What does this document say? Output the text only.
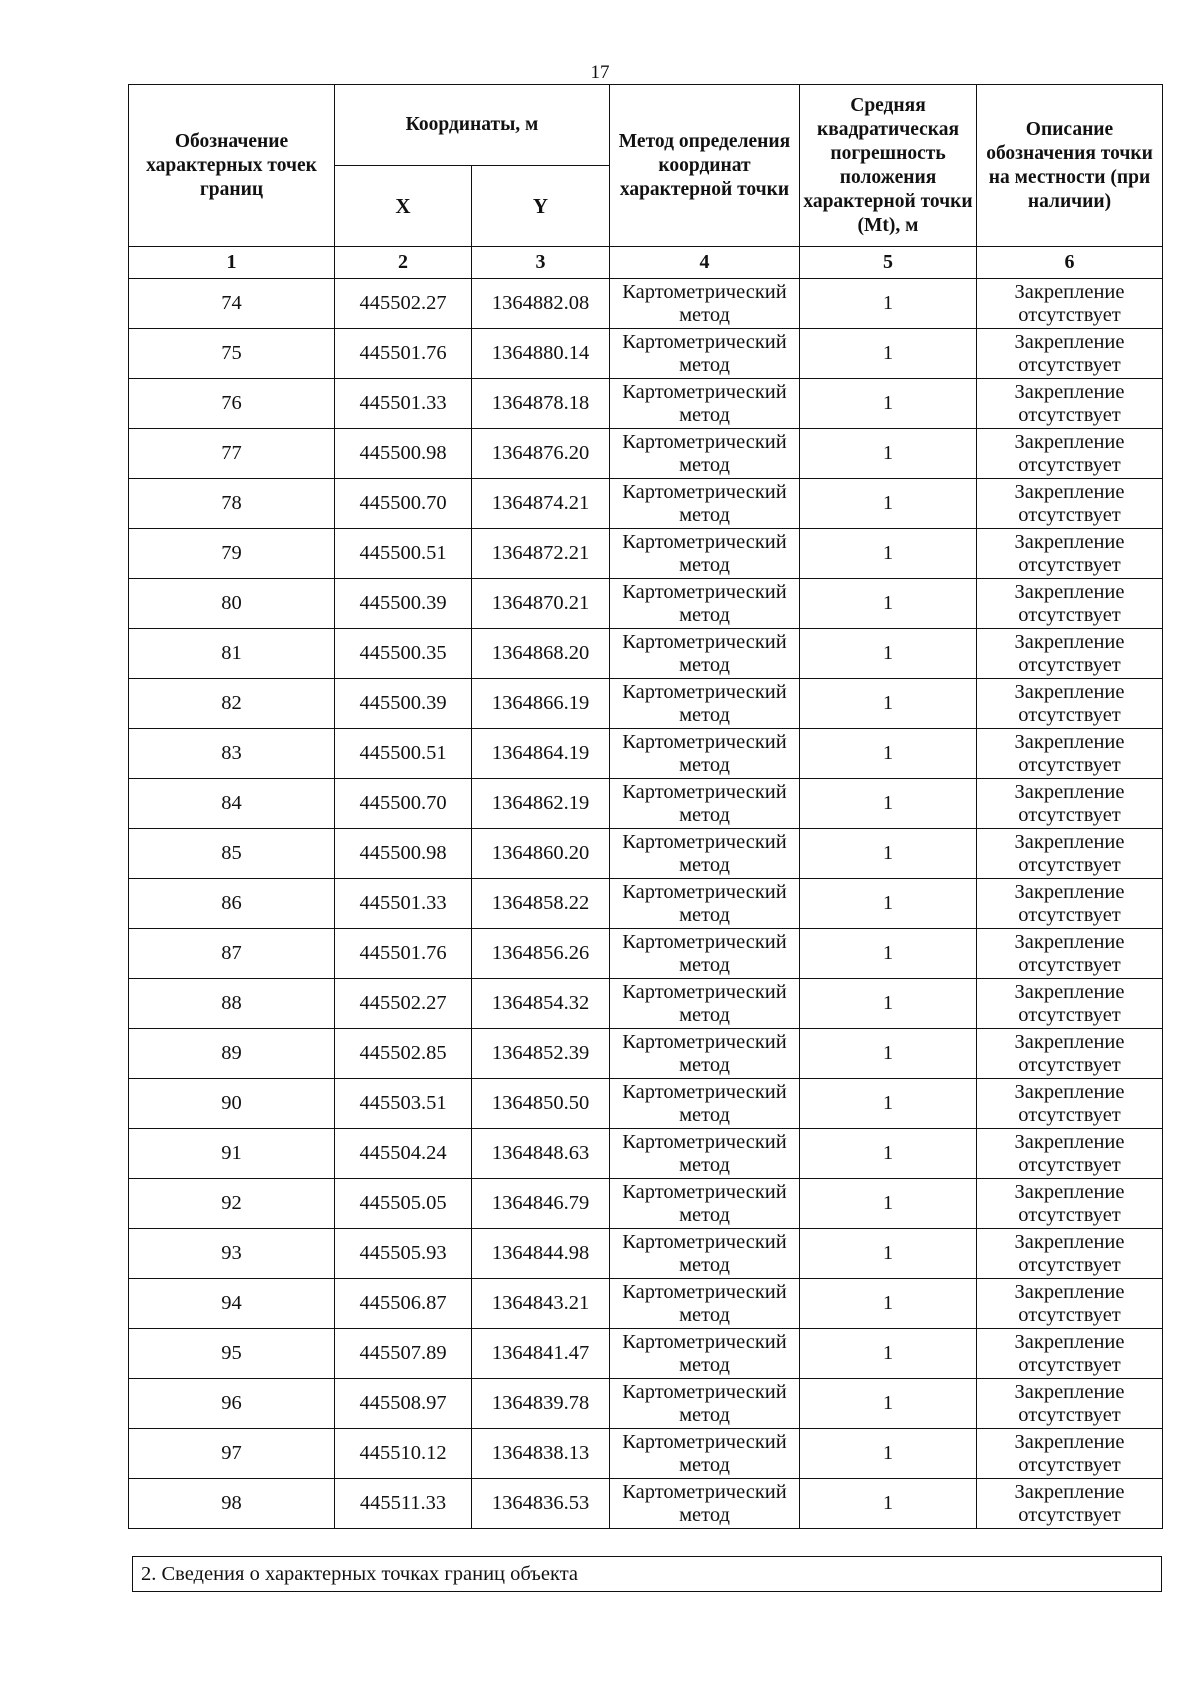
17
Обозначение характерных точек границ	Координаты, м		Метод определения координат характерной точки	Средняя квадратическая погрешность положения характерной точки (Mt), м	Описание обозначения точки на местности (при наличии)
	X	Y			
1	2	3	4	5	6
74	445502.27	1364882.08	Картометрический метод	1	Закрепление отсутствует
75	445501.76	1364880.14	Картометрический метод	1	Закрепление отсутствует
76	445501.33	1364878.18	Картометрический метод	1	Закрепление отсутствует
77	445500.98	1364876.20	Картометрический метод	1	Закрепление отсутствует
78	445500.70	1364874.21	Картометрический метод	1	Закрепление отсутствует
79	445500.51	1364872.21	Картометрический метод	1	Закрепление отсутствует
80	445500.39	1364870.21	Картометрический метод	1	Закрепление отсутствует
81	445500.35	1364868.20	Картометрический метод	1	Закрепление отсутствует
82	445500.39	1364866.19	Картометрический метод	1	Закрепление отсутствует
83	445500.51	1364864.19	Картометрический метод	1	Закрепление отсутствует
84	445500.70	1364862.19	Картометрический метод	1	Закрепление отсутствует
85	445500.98	1364860.20	Картометрический метод	1	Закрепление отсутствует
86	445501.33	1364858.22	Картометрический метод	1	Закрепление отсутствует
87	445501.76	1364856.26	Картометрический метод	1	Закрепление отсутствует
88	445502.27	1364854.32	Картометрический метод	1	Закрепление отсутствует
89	445502.85	1364852.39	Картометрический метод	1	Закрепление отсутствует
90	445503.51	1364850.50	Картометрический метод	1	Закрепление отсутствует
91	445504.24	1364848.63	Картометрический метод	1	Закрепление отсутствует
92	445505.05	1364846.79	Картометрический метод	1	Закрепление отсутствует
93	445505.93	1364844.98	Картометрический метод	1	Закрепление отсутствует
94	445506.87	1364843.21	Картометрический метод	1	Закрепление отсутствует
95	445507.89	1364841.47	Картометрический метод	1	Закрепление отсутствует
96	445508.97	1364839.78	Картометрический метод	1	Закрепление отсутствует
97	445510.12	1364838.13	Картометрический метод	1	Закрепление отсутствует
98	445511.33	1364836.53	Картометрический метод	1	Закрепление отсутствует
2. Сведения о характерных точках границ объекта
